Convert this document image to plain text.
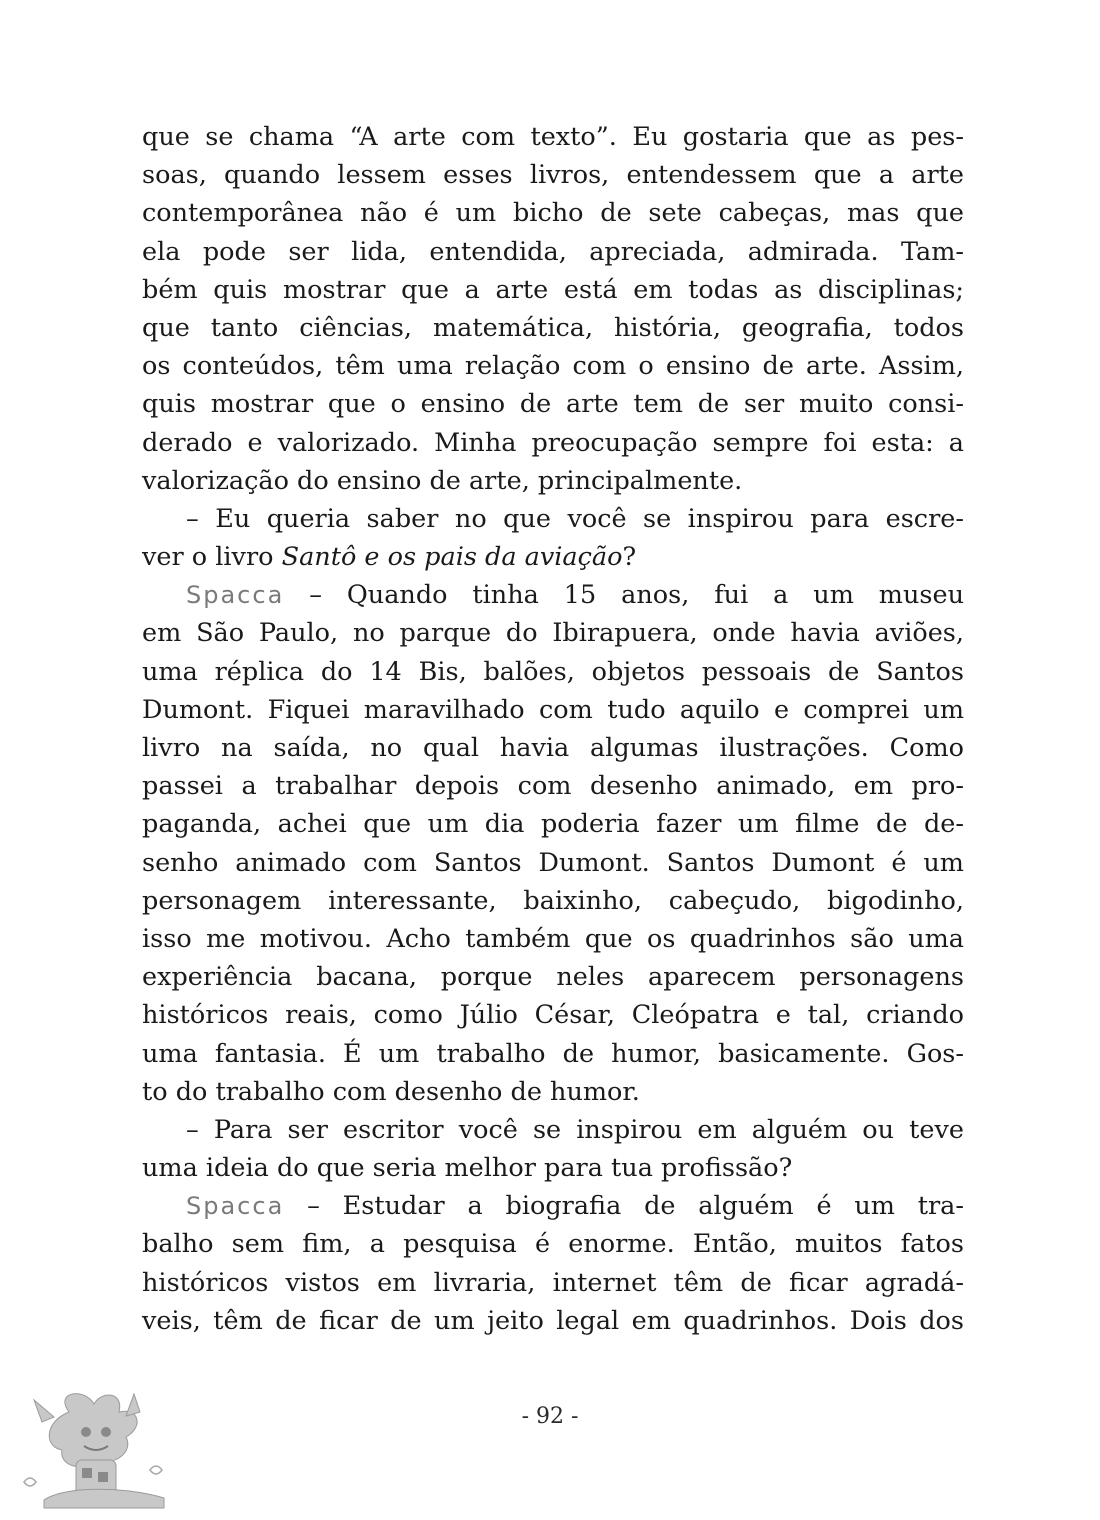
que se chama “A arte com texto”. Eu gostaria que as pes-
soas, quando lessem esses livros, entendessem que a arte
contemporânea não é um bicho de sete cabeças, mas que
ela pode ser lida, entendida, apreciada, admirada. Tam-
bém quis mostrar que a arte está em todas as disciplinas;
que tanto ciências, matemática, história, geografia, todos
os conteúdos, têm uma relação com o ensino de arte. Assim,
quis mostrar que o ensino de arte tem de ser muito consi-
derado e valorizado. Minha preocupação sempre foi esta: a
valorização do ensino de arte, principalmente.
– Eu queria saber no que você se inspirou para escre-
ver o livro Santô e os pais da aviação?
Spacca – Quando tinha 15 anos, fui a um museu
em São Paulo, no parque do Ibirapuera, onde havia aviões,
uma réplica do 14 Bis, balões, objetos pessoais de Santos
Dumont. Fiquei maravilhado com tudo aquilo e comprei um
livro na saída, no qual havia algumas ilustrações. Como
passei a trabalhar depois com desenho animado, em pro-
paganda, achei que um dia poderia fazer um filme de de-
senho animado com Santos Dumont. Santos Dumont é um
personagem interessante, baixinho, cabeçudo, bigodinho,
isso me motivou. Acho também que os quadrinhos são uma
experiência bacana, porque neles aparecem personagens
históricos reais, como Júlio César, Cleópatra e tal, criando
uma fantasia. É um trabalho de humor, basicamente. Gos-
to do trabalho com desenho de humor.
– Para ser escritor você se inspirou em alguém ou teve
uma ideia do que seria melhor para tua profissão?
Spacca – Estudar a biografia de alguém é um tra-
balho sem fim, a pesquisa é enorme. Então, muitos fatos
históricos vistos em livraria, internet têm de ficar agradá-
veis, têm de ficar de um jeito legal em quadrinhos. Dois dos
- 92 -
